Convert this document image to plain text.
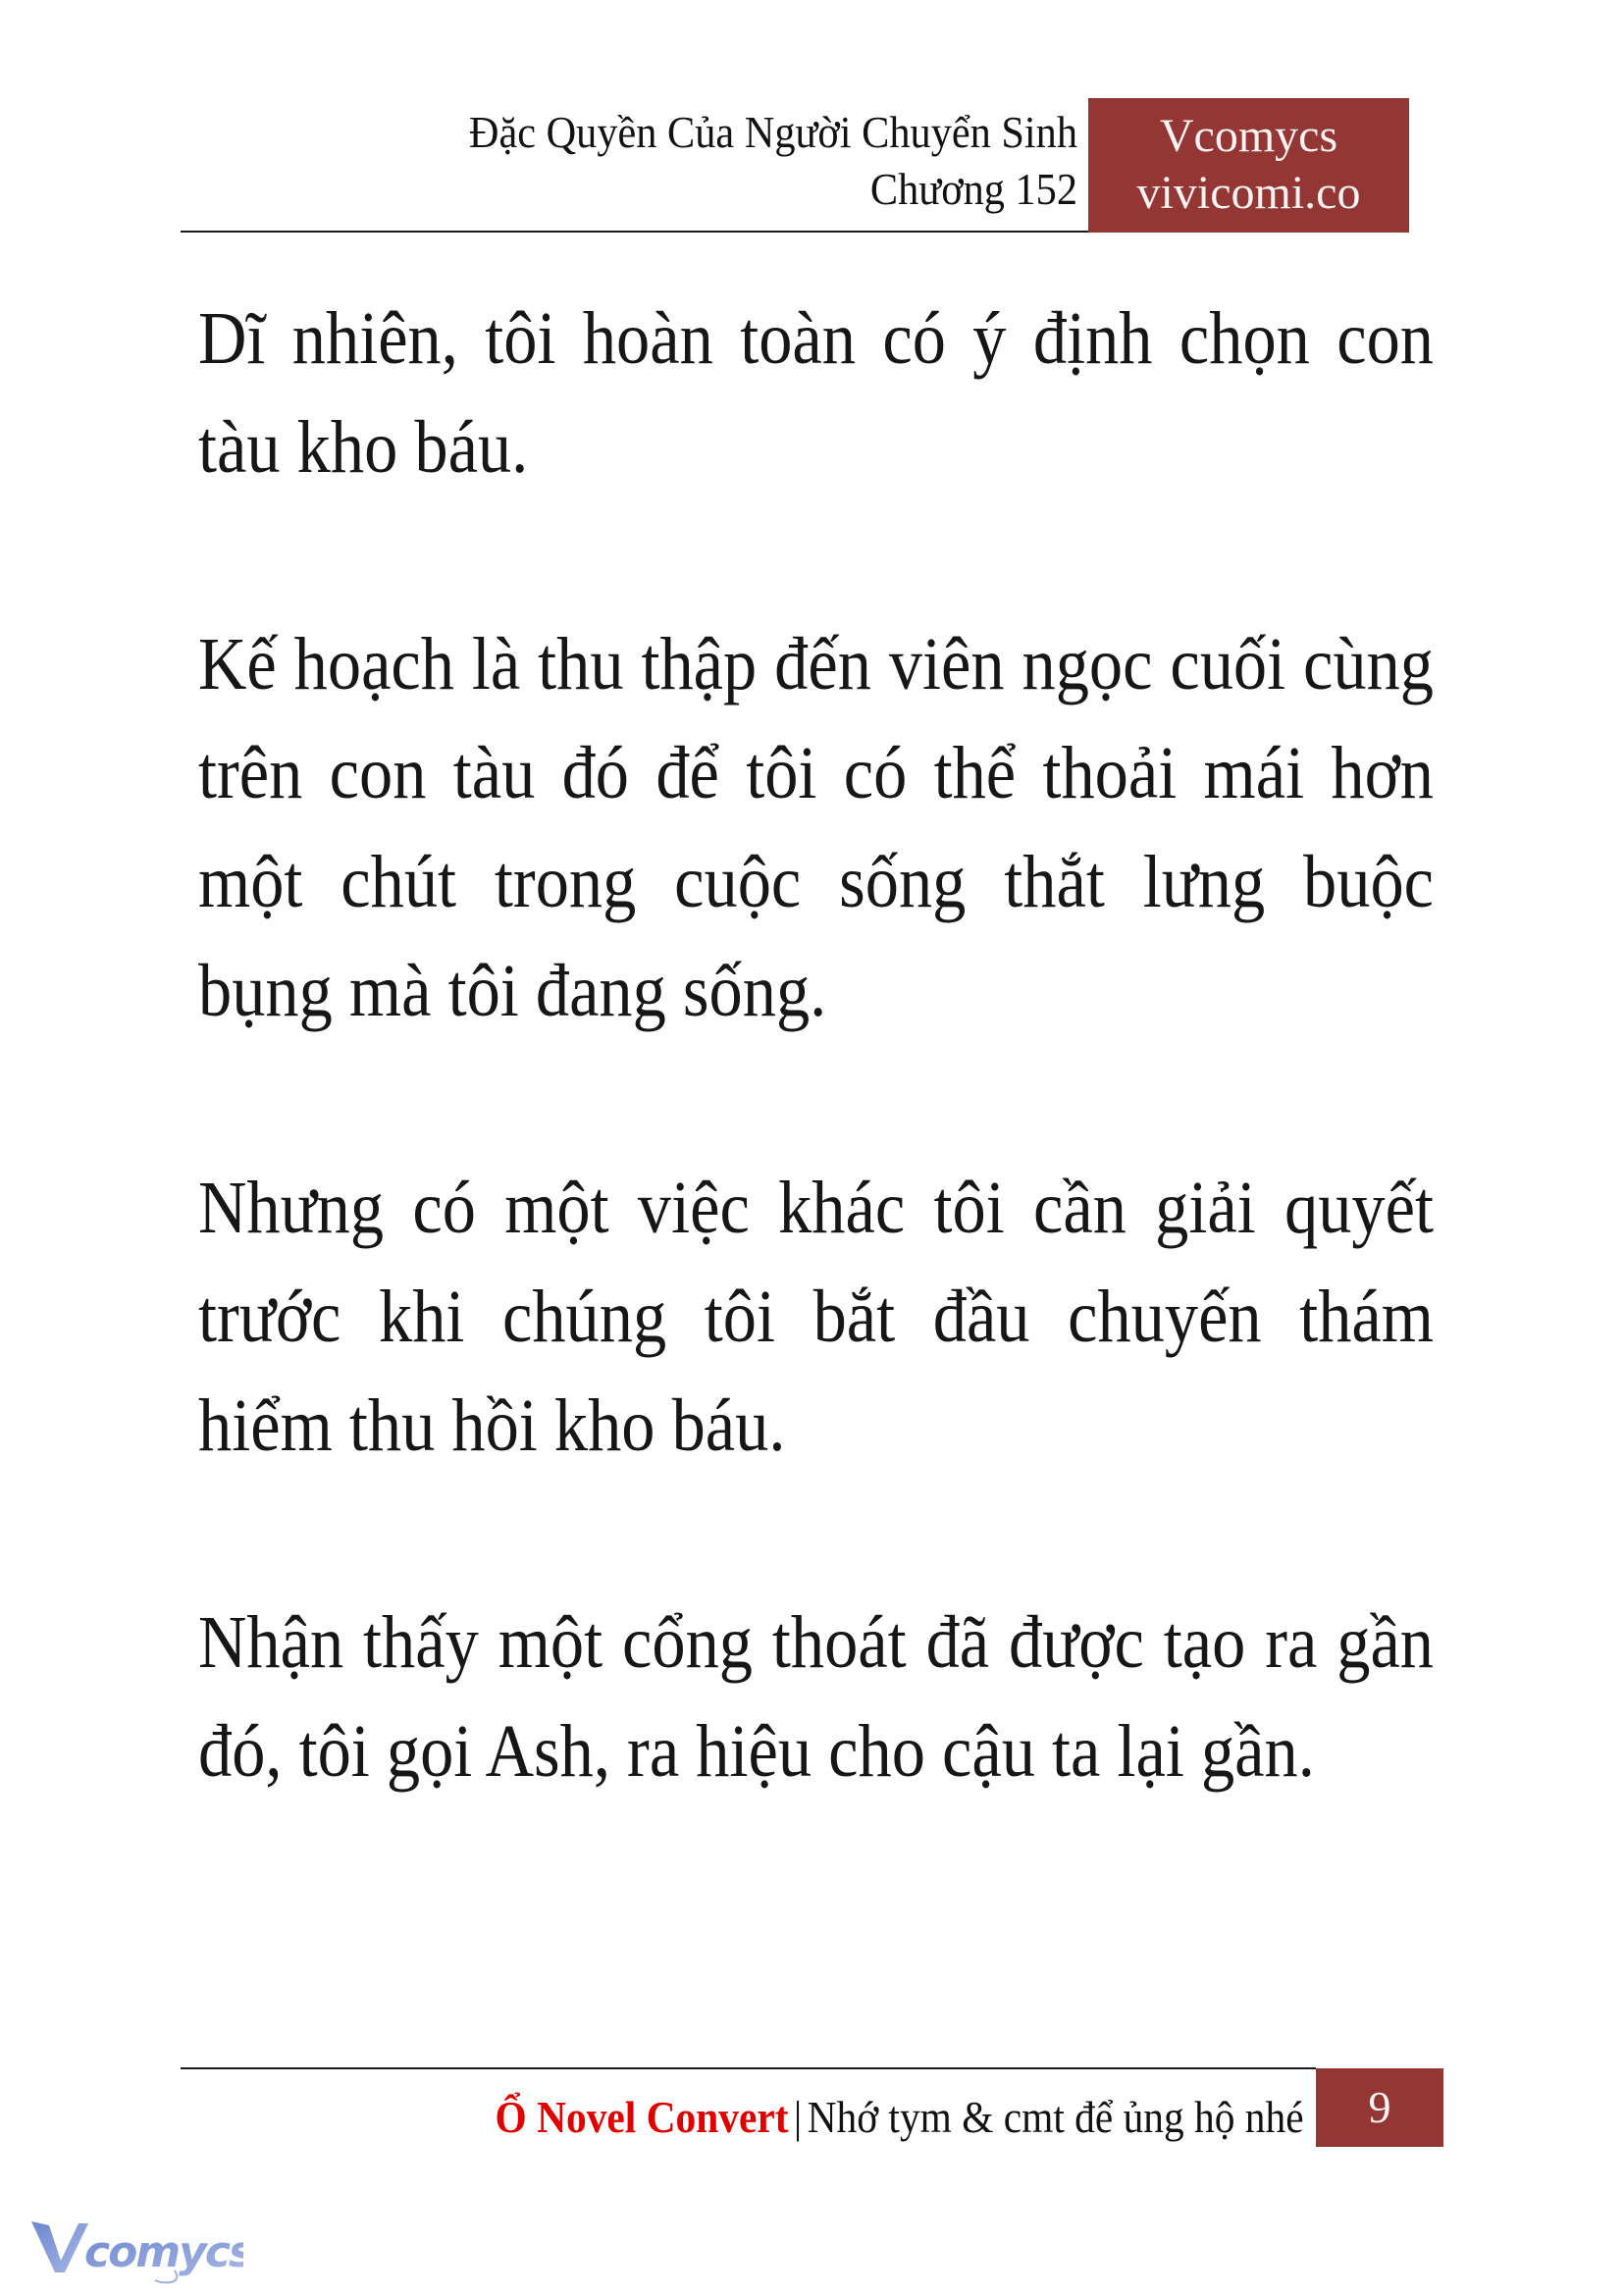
Đặc Quyền Của Người Chuyển Sinh
Chương 152
Vcomycs
vivicomi.co

Dĩ nhiên, tôi hoàn toàn có ý định chọn con tàu kho báu.

Kế hoạch là thu thập đến viên ngọc cuối cùng trên con tàu đó để tôi có thể thoải mái hơn một chút trong cuộc sống thắt lưng buộc bụng mà tôi đang sống.

Nhưng có một việc khác tôi cần giải quyết trước khi chúng tôi bắt đầu chuyến thám hiểm thu hồi kho báu.

Nhận thấy một cổng thoát đã được tạo ra gần đó, tôi gọi Ash, ra hiệu cho cậu ta lại gần.

Ổ Novel Convert | Nhớ tym & cmt để ủng hộ nhé	9
comycs
